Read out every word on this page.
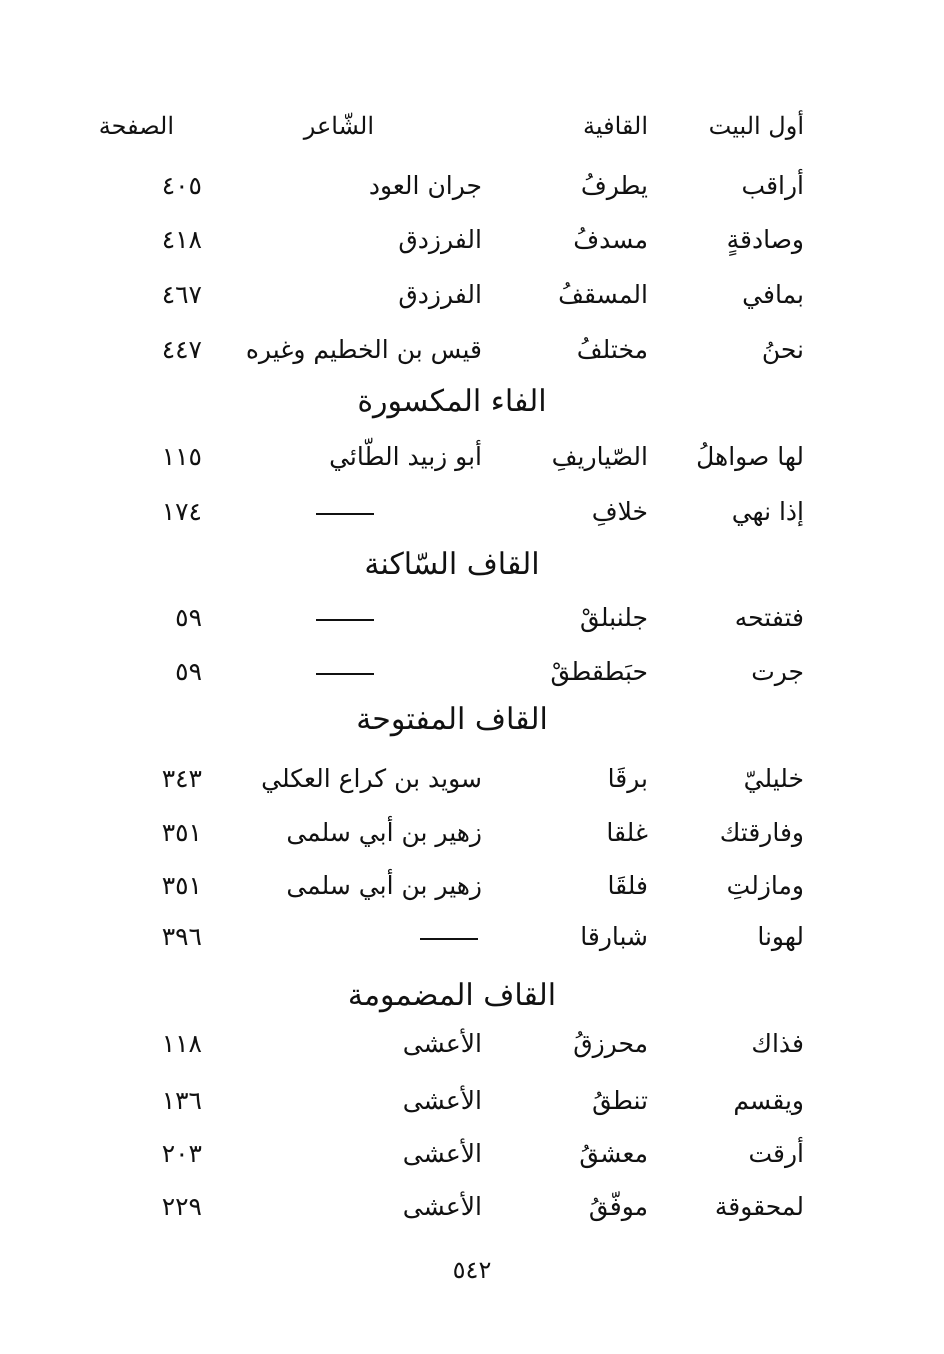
أول البيت
القافية
الشّاعر
الصفحة
أراقب
يطرفُ
جران العود
٤٠٥
وصادقةٍ
مسدفُ
الفرزدق
٤١٨
بمافي
المسقفُ
الفرزدق
٤٦٧
نحنُ
مختلفُ
قيس بن الخطيم وغيره
٤٤٧
الفاء المكسورة
لها صواهلُ
الصّياريفِ
أبو زبيد الطّائي
١١٥
إذا نهي
خلافِ
١٧٤
القاف السّاكنة
فتفتحه
جلنبلقْ
٥٩
جرت
حبَطقطقْ
٥٩
القاف المفتوحة
خليليّ
برقَا
سويد بن كراع العكلي
٣٤٣
وفارقتك
غلقا
زهير بن أبي سلمى
٣٥١
ومازلتِ
فلقَا
زهير بن أبي سلمى
٣٥١
لهونا
شبارقا
٣٩٦
القاف المضمومة
فذاك
محرزقُ
الأعشى
١١٨
ويقسم
تنطقُ
الأعشى
١٣٦
أرقت
معشقُ
الأعشى
٢٠٣
لمحقوقة
موفّقُ
الأعشى
٢٢٩
٥٤٢
